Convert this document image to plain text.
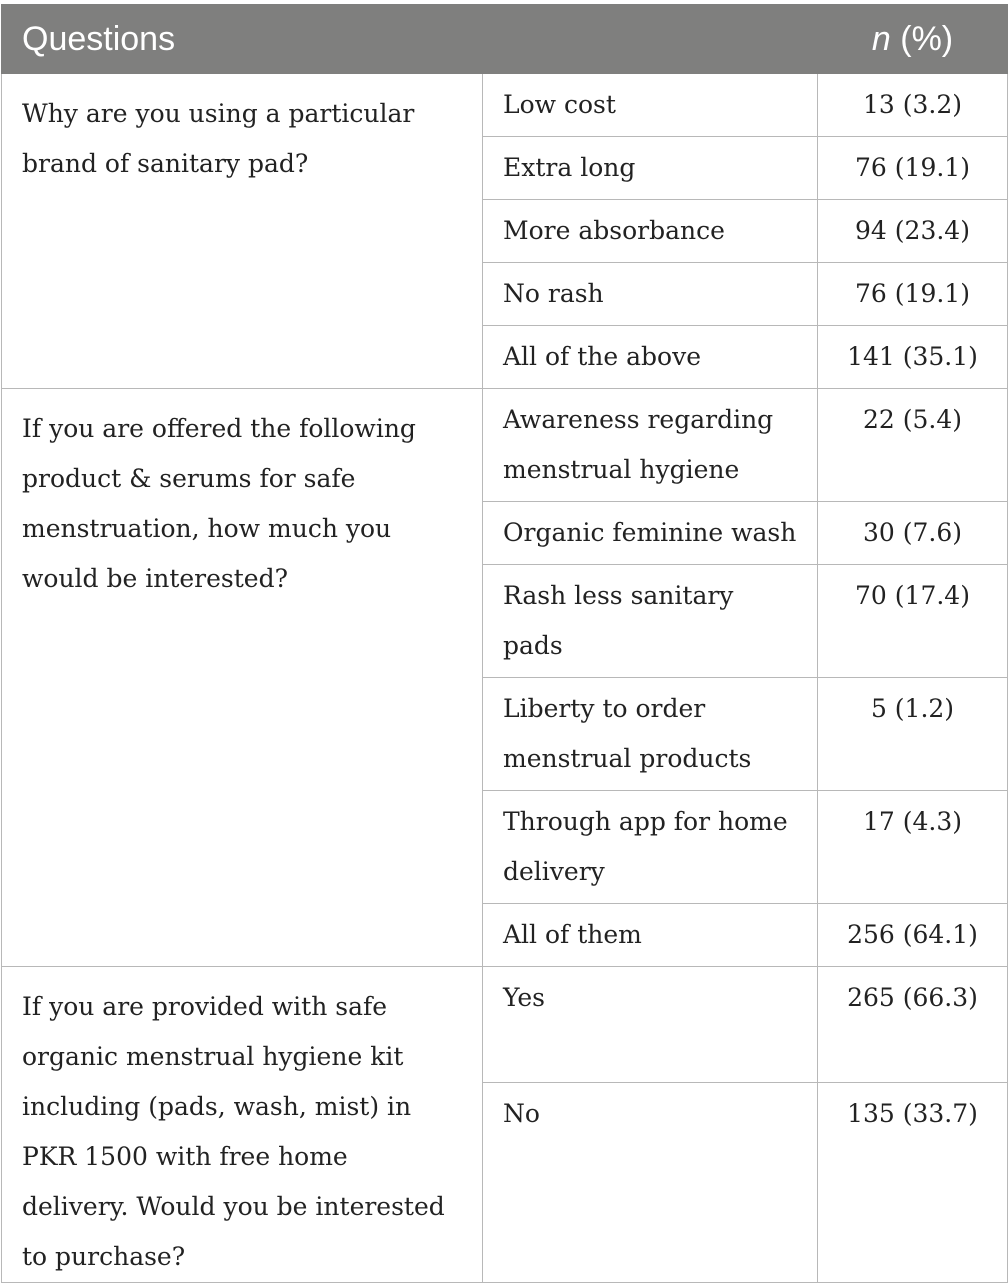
Questions		n (%)
Why are you using a particular brand of sanitary pad?	Low cost	13 (3.2)
	Extra long	76 (19.1)
	More absorbance	94 (23.4)
	No rash	76 (19.1)
	All of the above	141 (35.1)
If you are offered the following product & serums for safe menstruation, how much you would be interested?	Awareness regarding menstrual hygiene	22 (5.4)
	Organic feminine wash	30 (7.6)
	Rash less sanitary pads	70 (17.4)
	Liberty to order menstrual products	5 (1.2)
	Through app for home delivery	17 (4.3)
	All of them	256 (64.1)
If you are provided with safe organic menstrual hygiene kit including (pads, wash, mist) in PKR 1500 with free home delivery. Would you be interested to purchase?	Yes	265 (66.3)
	No	135 (33.7)
